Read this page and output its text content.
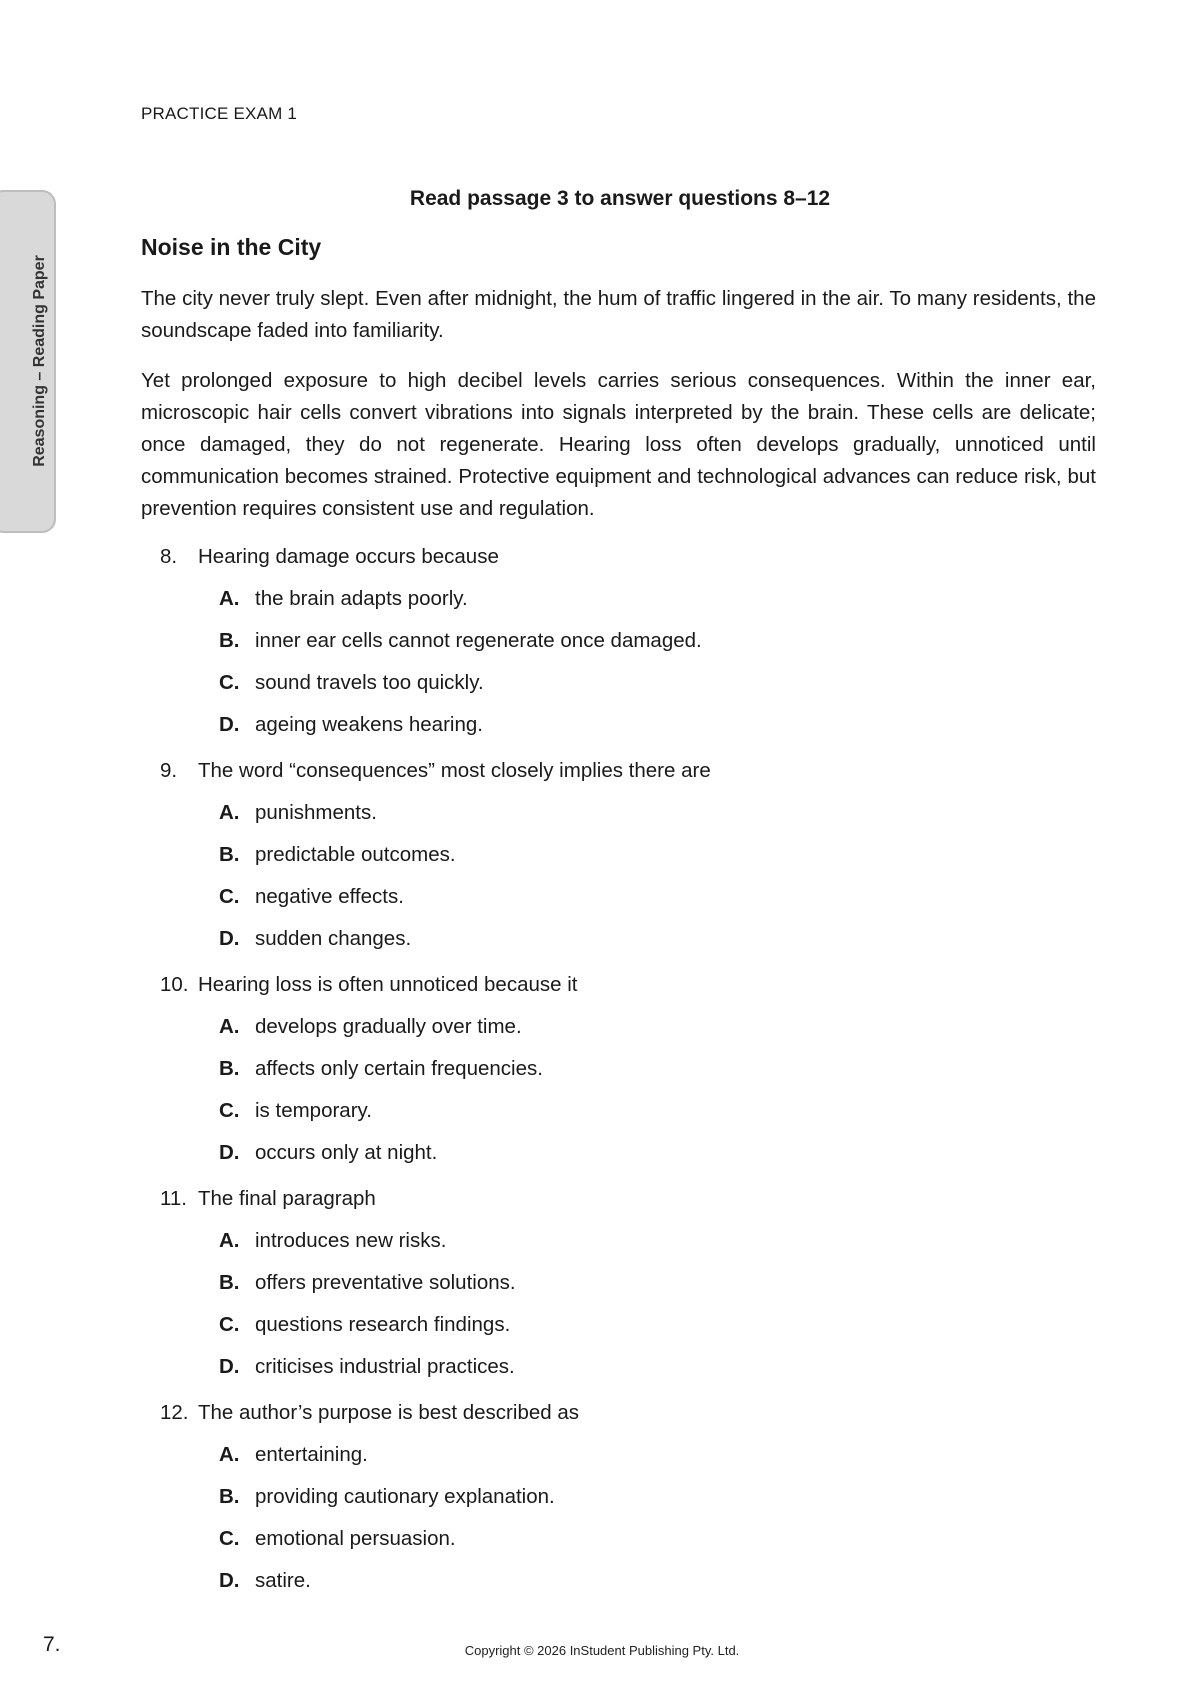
PRACTICE EXAM 1
Reasoning – Reading Paper
Read passage 3 to answer questions 8–12
Noise in the City

The city never truly slept. Even after midnight, the hum of traffic lingered in the air. To many residents, the soundscape faded into familiarity.

Yet prolonged exposure to high decibel levels carries serious consequences. Within the inner ear, microscopic hair cells convert vibrations into signals interpreted by the brain. These cells are delicate; once damaged, they do not regenerate. Hearing loss often develops gradually, unnoticed until communication becomes strained. Protective equipment and technological advances can reduce risk, but prevention requires consistent use and regulation.

8. Hearing damage occurs because
A. the brain adapts poorly.
B. inner ear cells cannot regenerate once damaged.
C. sound travels too quickly.
D. ageing weakens hearing.
9. The word “consequences” most closely implies there are
A. punishments.
B. predictable outcomes.
C. negative effects.
D. sudden changes.
10. Hearing loss is often unnoticed because it
A. develops gradually over time.
B. affects only certain frequencies.
C. is temporary.
D. occurs only at night.
11. The final paragraph
A. introduces new risks.
B. offers preventative solutions.
C. questions research findings.
D. criticises industrial practices.
12. The author’s purpose is best described as
A. entertaining.
B. providing cautionary explanation.
C. emotional persuasion.
D. satire.
7.	Copyright © 2026 InStudent Publishing Pty. Ltd.
